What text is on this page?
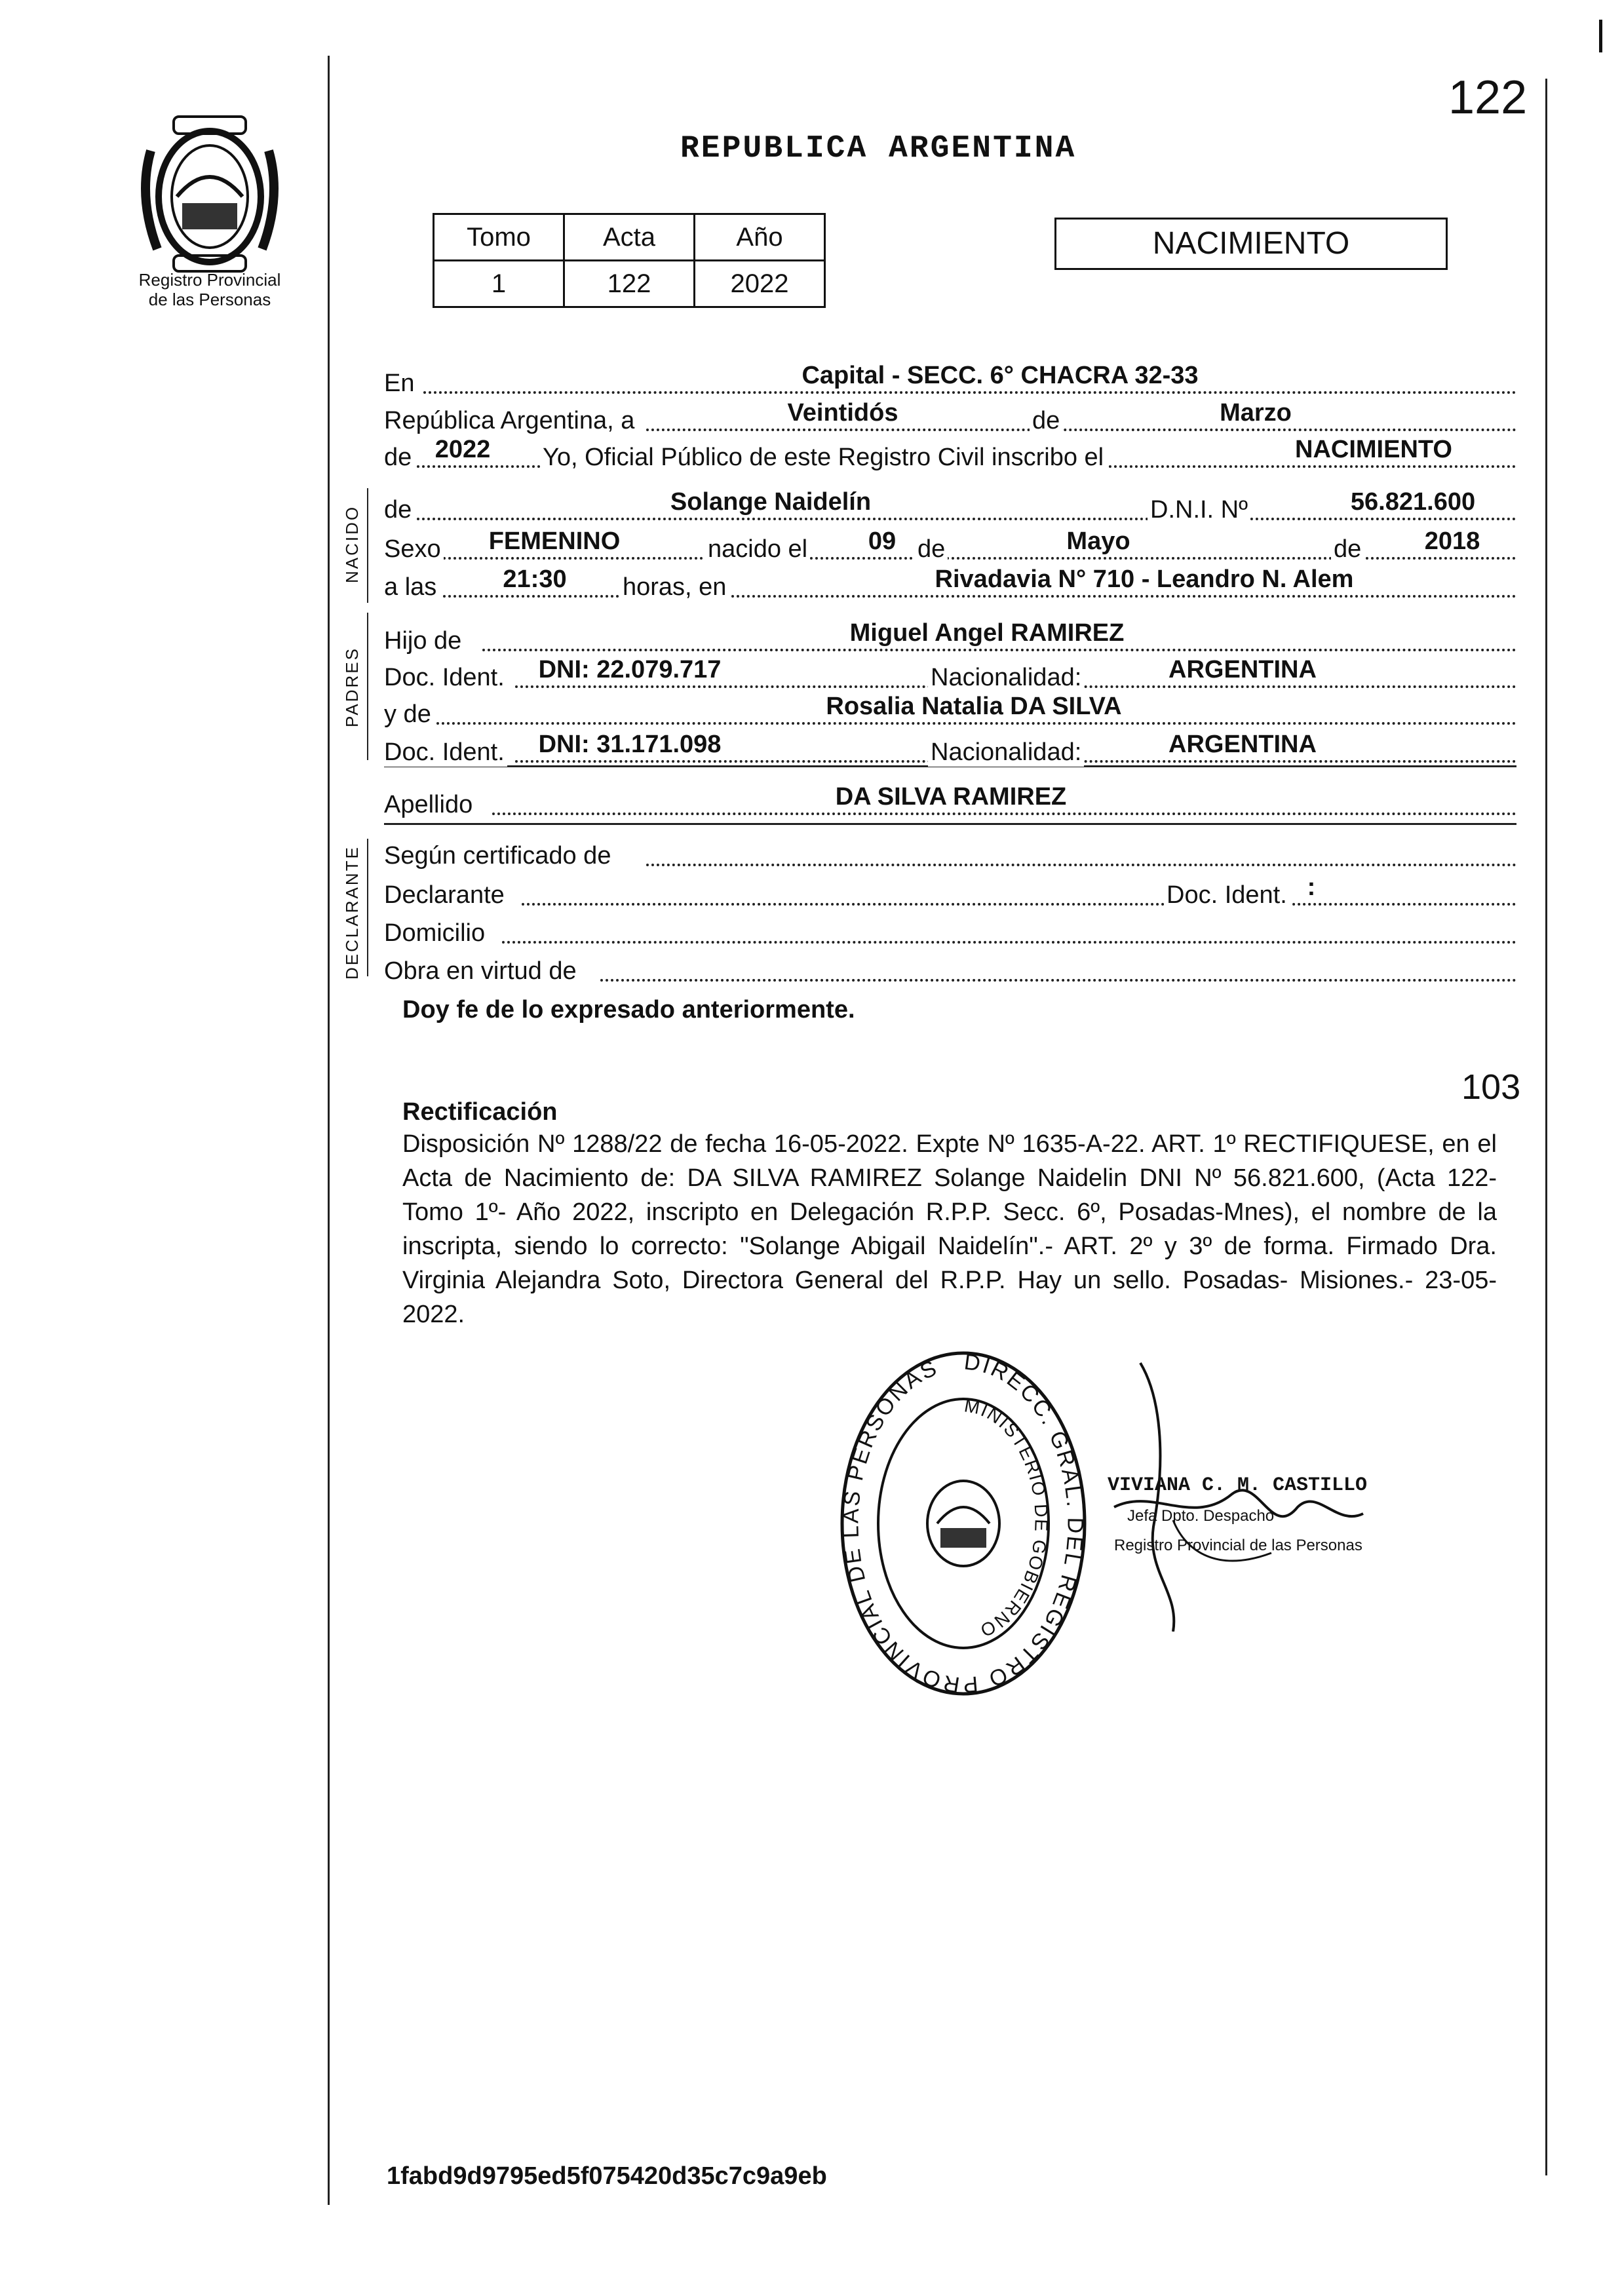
Registro Provincial
de las Personas
REPUBLICA ARGENTINA
122
Tomo	Acta	Año
1	122	2022
NACIMIENTO
NACIDO
PADRES
DECLARANTE
En	Capital - SECC. 6° CHACRA 32-33
República Argentina, a	Veintidós	de	Marzo
de 2022	Yo, Oficial Público de este Registro Civil inscribo el	NACIMIENTO
de	Solange Naidelín	D.N.I. Nº	56.821.600
Sexo	FEMENINO	nacido el	09 de	Mayo	de	2018
a las	21:30	horas, en	Rivadavia N° 710 - Leandro N. Alem
Hijo de	Miguel Angel RAMIREZ
Doc. Ident.	DNI: 22.079.717	Nacionalidad:	ARGENTINA
y de	Rosalia Natalia DA SILVA
Doc. Ident.	DNI: 31.171.098	Nacionalidad:	ARGENTINA
Apellido	DA SILVA RAMIREZ
Según certificado de
Declarante	Doc. Ident. :
Domicilio
Obra en virtud de
Doy fe de lo expresado anteriormente.
103
Rectificación
Disposición Nº 1288/22 de fecha 16-05-2022. Expte Nº 1635-A-22. ART. 1º RECTIFIQUESE, en el Acta de Nacimiento de: DA SILVA RAMIREZ Solange Naidelin DNI Nº 56.821.600, (Acta 122- Tomo 1º- Año 2022, inscripto en Delegación R.P.P. Secc. 6º, Posadas-Mnes), el nombre de la inscripta, siendo lo correcto: "Solange Abigail Naidelín".- ART. 2º y 3º de forma. Firmado Dra. Virginia Alejandra Soto, Directora General del R.P.P. Hay un sello. Posadas- Misiones.- 23-05-2022.
DIRECC. GRAL. DEL REGISTRO PROVINCIAL DE LAS PERSONAS
MINISTERIO DE GOBIERNO
VIVIANA C. M. CASTILLO
Jefa Dpto. Despacho
Registro Provincial de las Personas
1fabd9d9795ed5f075420d35c7c9a9eb
